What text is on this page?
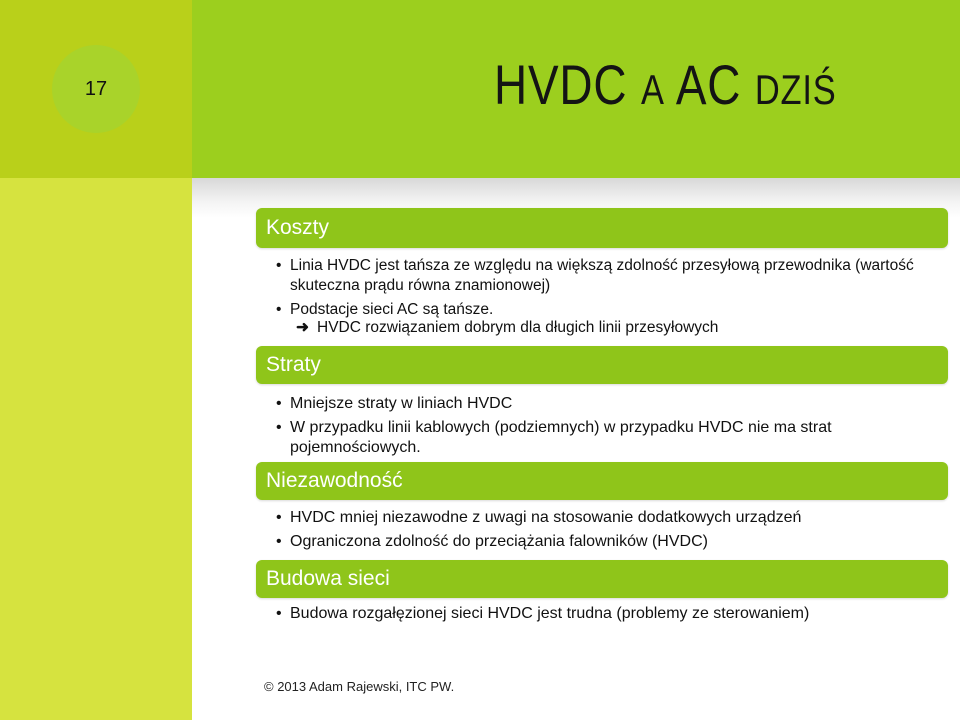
17	HVDC A AC DZIŚ
Koszty
• Linia HVDC jest tańsza ze względu na większą zdolność przesyłową przewodnika (wartość skuteczna prądu równa znamionowej)
• Podstacje sieci AC są tańsze.
➜ HVDC rozwiązaniem dobrym dla długich linii przesyłowych
Straty
• Mniejsze straty w liniach HVDC
• W przypadku linii kablowych (podziemnych) w przypadku HVDC nie ma strat pojemnościowych.
Niezawodność
• HVDC mniej niezawodne z uwagi na stosowanie dodatkowych urządzeń
• Ograniczona zdolność do przeciążania falowników (HVDC)
Budowa sieci
• Budowa rozgałęzionej sieci HVDC jest trudna (problemy ze sterowaniem)
© 2013 Adam Rajewski, ITC PW.
